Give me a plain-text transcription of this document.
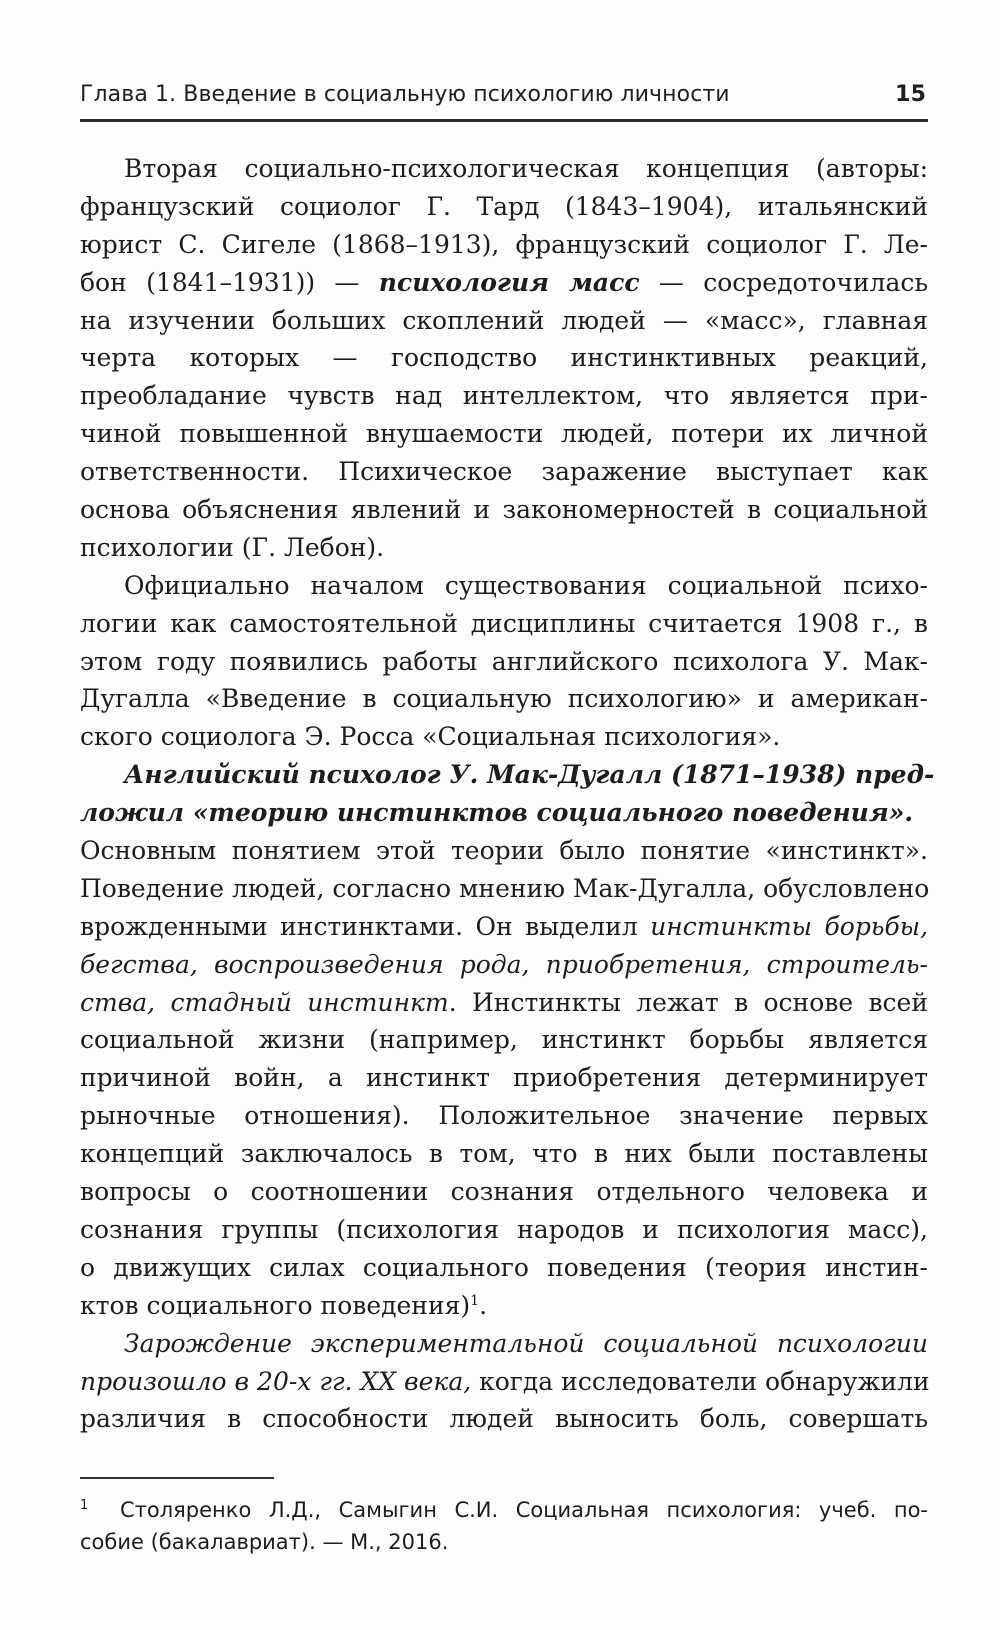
Глава 1. Введение в социальную психологию личности	15
Вторая социально-психологическая концепция (авторы:
французский социолог Г. Тард (1843–1904), итальянский
юрист С. Сигеле (1868–1913), французский социолог Г. Ле-
бон (1841–1931)) — психология масс — сосредоточилась
на изучении больших скоплений людей — «масс», главная
черта которых — господство инстинктивных реакций,
преобладание чувств над интеллектом, что является при-
чиной повышенной внушаемости людей, потери их личной
ответственности. Психическое заражение выступает как
основа объяснения явлений и закономерностей в социальной
психологии (Г. Лебон).
Официально началом существования социальной психо-
логии как самостоятельной дисциплины считается 1908 г., в
этом году появились работы английского психолога У. Мак-
Дугалла «Введение в социальную психологию» и американ-
ского социолога Э. Росса «Социальная психология».
Английский психолог У. Мак-Дугалл (1871–1938) пред-
ложил «теорию инстинктов социального поведения».
Основным понятием этой теории было понятие «инстинкт».
Поведение людей, согласно мнению Мак-Дугалла, обусловлено
врожденными инстинктами. Он выделил инстинкты борьбы,
бегства, воспроизведения рода, приобретения, строитель-
ства, стадный инстинкт. Инстинкты лежат в основе всей
социальной жизни (например, инстинкт борьбы является
причиной войн, а инстинкт приобретения детерминирует
рыночные отношения). Положительное значение первых
концепций заключалось в том, что в них были поставлены
вопросы о соотношении сознания отдельного человека и
сознания группы (психология народов и психология масс),
о движущих силах социального поведения (теория инстин-
ктов социального поведения)$^1$.
Зарождение экспериментальной социальной психологии
произошло в 20-х гг. XX века, когда исследователи обнаружили
различия в способности людей выносить боль, совершать
1	Столяренко Л.Д., Самыгин С.И. Социальная психология: учеб. по-
собие (бакалавриат). — М., 2016.
